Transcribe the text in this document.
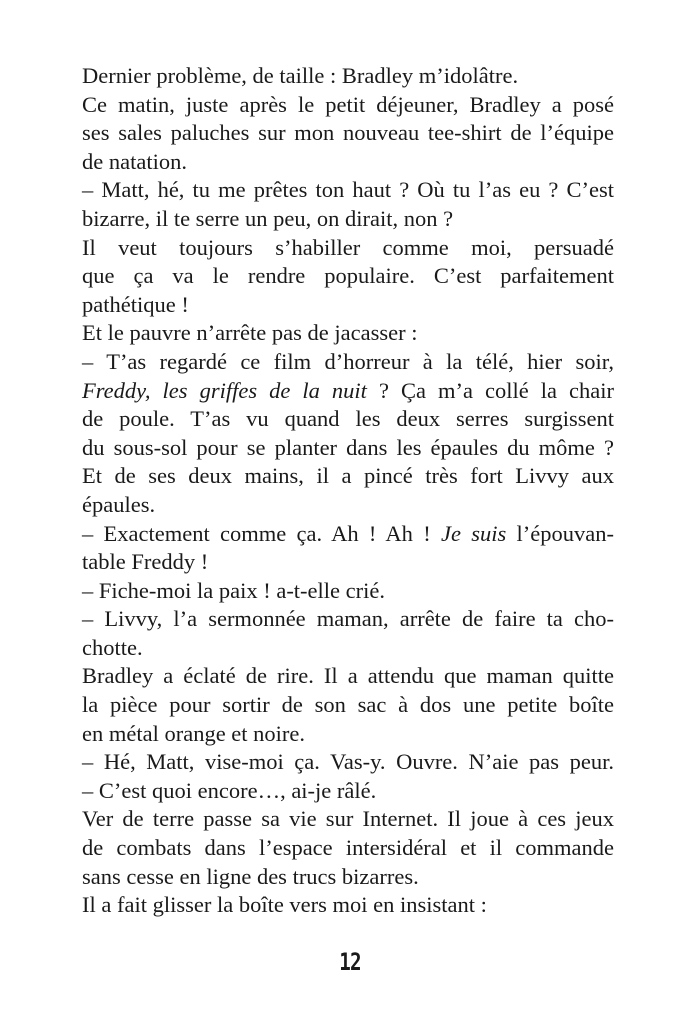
Dernier problème, de taille : Bradley m’idolâtre.
Ce matin, juste après le petit déjeuner, Bradley a posé
ses sales paluches sur mon nouveau tee-shirt de l’équipe
de natation.
– Matt, hé, tu me prêtes ton haut ? Où tu l’as eu ? C’est
bizarre, il te serre un peu, on dirait, non ?
Il veut toujours s’habiller comme moi, persuadé
que ça va le rendre populaire. C’est parfaitement
pathétique !
Et le pauvre n’arrête pas de jacasser :
– T’as regardé ce film d’horreur à la télé, hier soir,
Freddy, les griffes de la nuit ? Ça m’a collé la chair
de poule. T’as vu quand les deux serres surgissent
du sous-sol pour se planter dans les épaules du môme ?
Et de ses deux mains, il a pincé très fort Livvy aux
épaules.
– Exactement comme ça. Ah ! Ah ! Je suis l’épouvan-
table Freddy !
– Fiche-moi la paix ! a-t-elle crié.
– Livvy, l’a sermonnée maman, arrête de faire ta cho-
chotte.
Bradley a éclaté de rire. Il a attendu que maman quitte
la pièce pour sortir de son sac à dos une petite boîte
en métal orange et noire.
– Hé, Matt, vise-moi ça. Vas-y. Ouvre. N’aie pas peur.
– C’est quoi encore…, ai-je râlé.
Ver de terre passe sa vie sur Internet. Il joue à ces jeux
de combats dans l’espace intersidéral et il commande
sans cesse en ligne des trucs bizarres.
Il a fait glisser la boîte vers moi en insistant :
12
